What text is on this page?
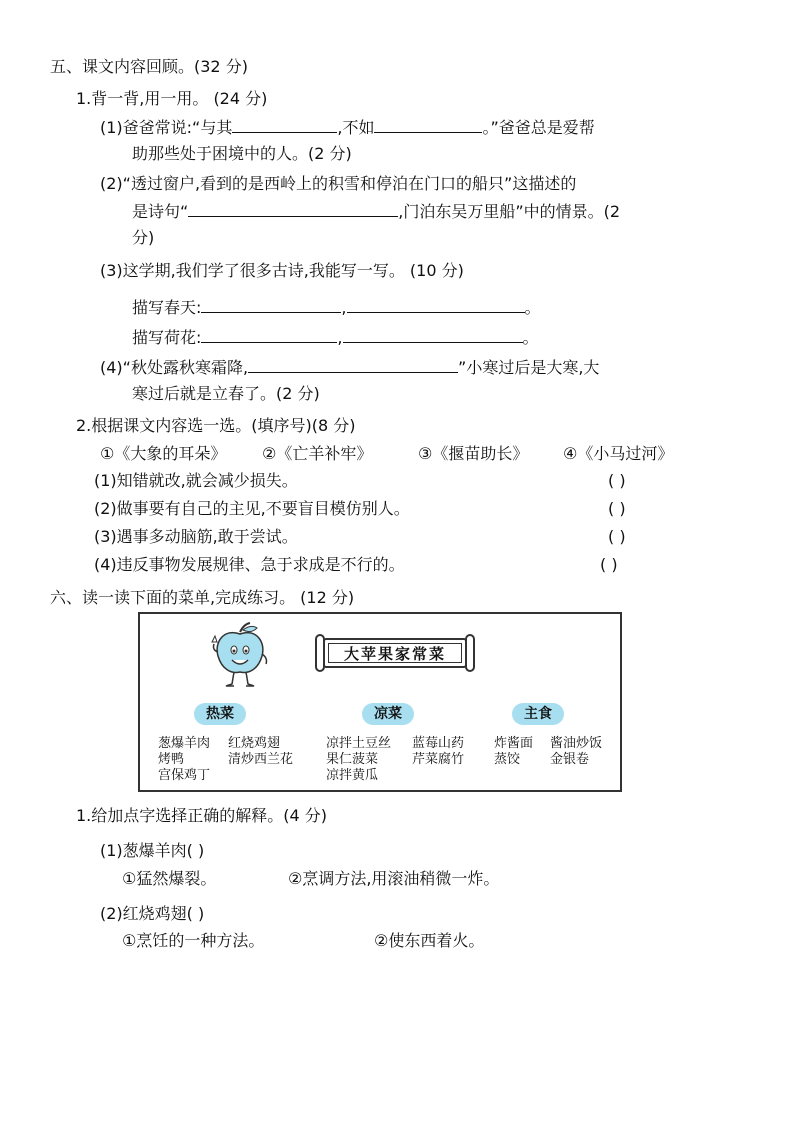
五、课文内容回顾。(32 分)
1.背一背,用一用。 (24 分)
(1)爸爸常说:“与其	,不如	。”爸爸总是爱帮
助那些处于困境中的人。(2 分)
(2)“透过窗户,看到的是西岭上的积雪和停泊在门口的船只”这描述的
是诗句“	,门泊东吴万里船”中的情景。(2
分)
(3)这学期,我们学了很多古诗,我能写一写。 (10 分)
描写春天:	,	。
描写荷花:	,	。
(4)“秋处露秋寒霜降,	”小寒过后是大寒,大
寒过后就是立春了。(2 分)
2.根据课文内容选一选。(填序号)(8 分)
①《大象的耳朵》 ②《亡羊补牢》	③《揠苗助长》 ④《小马过河》
(1)知错就改,就会减少损失。	( )
(2)做事要有自己的主见,不要盲目模仿别人。	( )
(3)遇事多动脑筋,敢于尝试。	( )
(4)违反事物发展规律、急于求成是不行的。	( )
六、读一读下面的菜单,完成练习。 (12 分)
大苹果家常菜
热菜
葱爆羊肉
烤鸭
宫保鸡丁
红烧鸡翅
清炒西兰花
凉菜
凉拌土豆丝
果仁菠菜
凉拌黄瓜
蓝莓山药
芹菜腐竹
主食
炸酱面
蒸饺
酱油炒饭
金银卷
1.给加点字选择正确的解释。(4 分)
(1)葱爆羊肉( )
①猛然爆裂。	②烹调方法,用滚油稍微一炸。
(2)红烧鸡翅( )
①烹饪的一种方法。	②使东西着火。
